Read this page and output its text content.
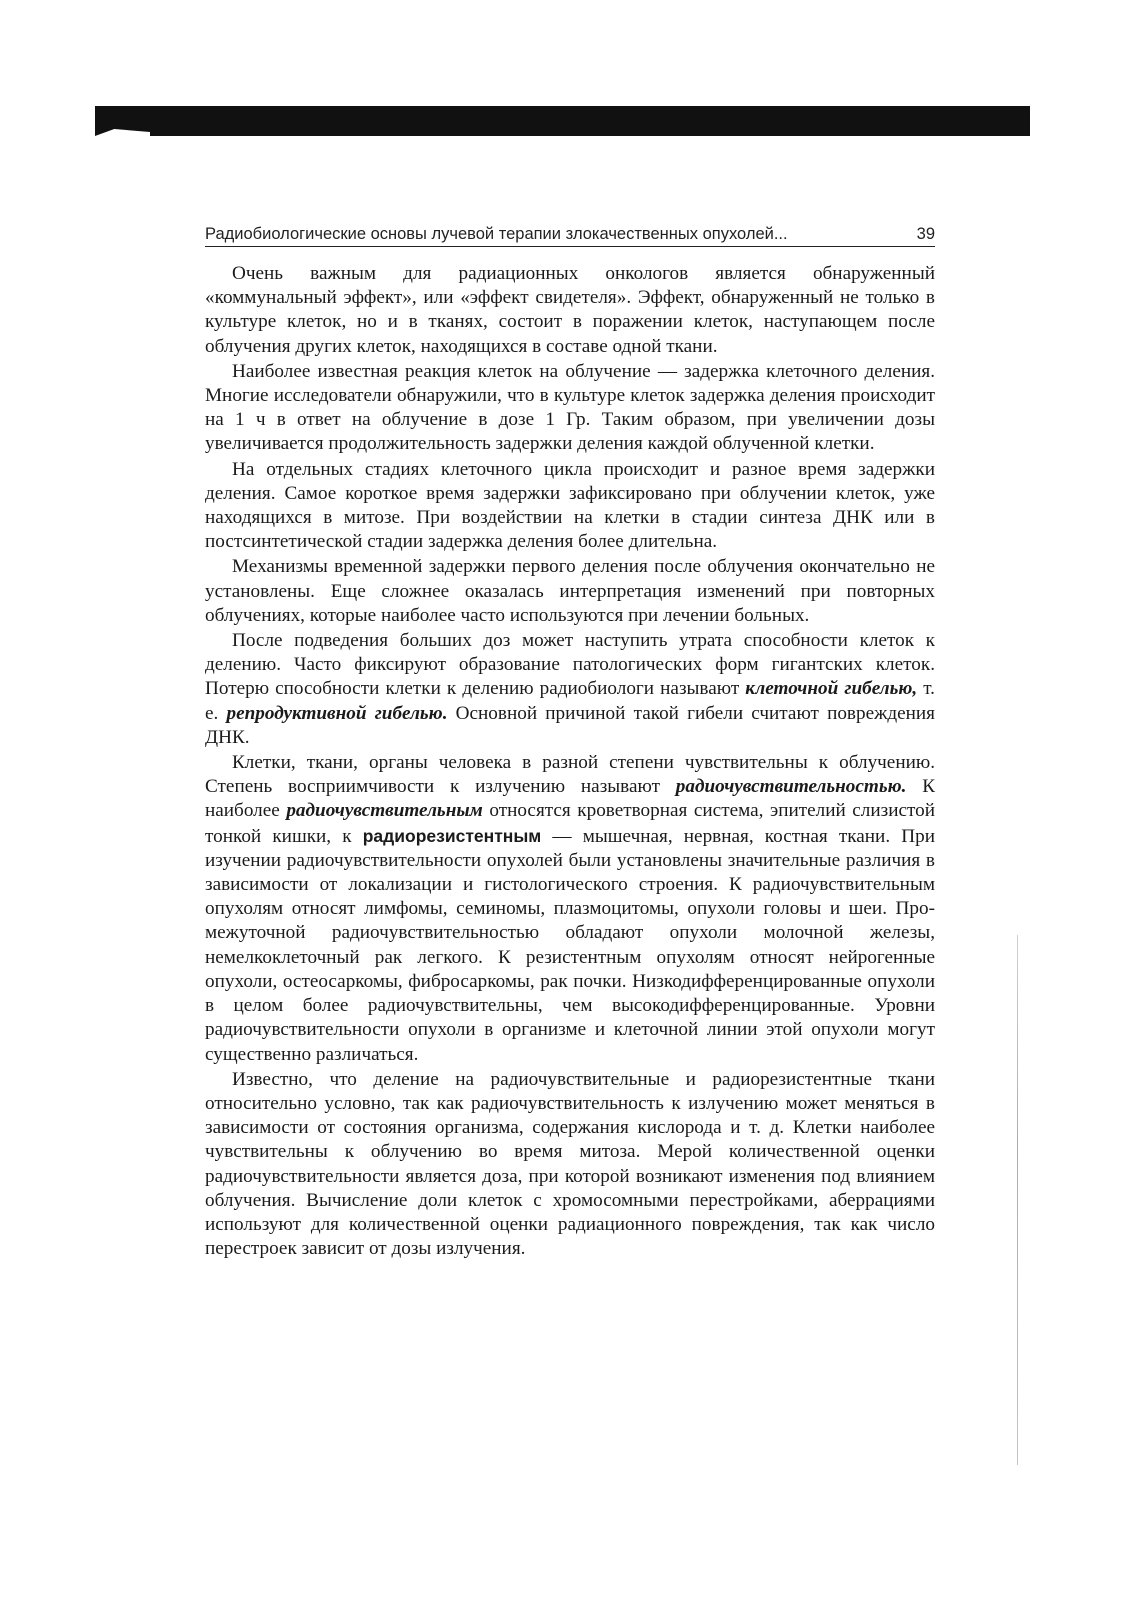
Радиобиологические основы лучевой терапии злокачественных опухолей...	39

Очень важным для радиационных онкологов является обнаруженный «коммунальный эффект», или «эффект свидетеля». Эффект, обнаруженный не только в культуре клеток, но и в тканях, состоит в поражении клеток, наступающем после облучения других клеток, находящихся в составе одной ткани.

Наиболее известная реакция клеток на облучение — задержка клеточного деления. Многие исследователи обнаружили, что в культуре клеток задержка деления происходит на 1 ч в ответ на облучение в дозе 1 Гр. Таким образом, при увеличении дозы увеличивается продолжительность задержки деления каждой облученной клетки.

На отдельных стадиях клеточного цикла происходит и разное время задержки деления. Самое короткое время задержки зафиксировано при облучении клеток, уже находящихся в митозе. При воздействии на клетки в стадии синтеза ДНК или в постсинтетической стадии задержка деления более длительна.

Механизмы временной задержки первого деления после облучения окончательно не установлены. Еще сложнее оказалась интерпретация изменений при повторных облучениях, которые наиболее часто используются при лечении больных.

После подведения больших доз может наступить утрата способности клеток к делению. Часто фиксируют образование патологических форм гигантских клеток. Потерю способности клетки к делению радиобиологи называют клеточной гибелью, т. е. репродуктивной гибелью. Основной причиной такой гибели считают повреждения ДНК.

Клетки, ткани, органы человека в разной степени чувствительны к облучению. Степень восприимчивости к излучению называют радиочувствительностью. К наиболее радиочувствительным относятся кроветворная система, эпителий слизистой тонкой кишки, к радиорезистентным — мышечная, нервная, костная ткани. При изучении радиочувствительности опухолей были установлены значительные различия в зависимости от локализации и гистологического строения. К радиочувствительным опухолям относят лимфомы, семиномы, плазмоцитомы, опухоли головы и шеи. Промежуточной радиочувствительностью обладают опухоли молочной железы, немелкоклеточный рак легкого. К резистентным опухолям относят нейрогенные опухоли, остеосаркомы, фибросаркомы, рак почки. Низкодифференцированные опухоли в целом более радиочувствительны, чем высокодифференцированные. Уровни радиочувствительности опухоли в организме и клеточной линии этой опухоли могут существенно различаться.

Известно, что деление на радиочувствительные и радиорезистентные ткани относительно условно, так как радиочувствительность к излучению может меняться в зависимости от состояния организма, содержания кислорода и т. д. Клетки наиболее чувствительны к облучению во время митоза. Мерой количественной оценки радиочувствительности является доза, при которой возникают изменения под влиянием облучения. Вычисление доли клеток с хромосомными перестройками, аберрациями используют для количественной оценки радиационного повреждения, так как число перестроек зависит от дозы излучения.
